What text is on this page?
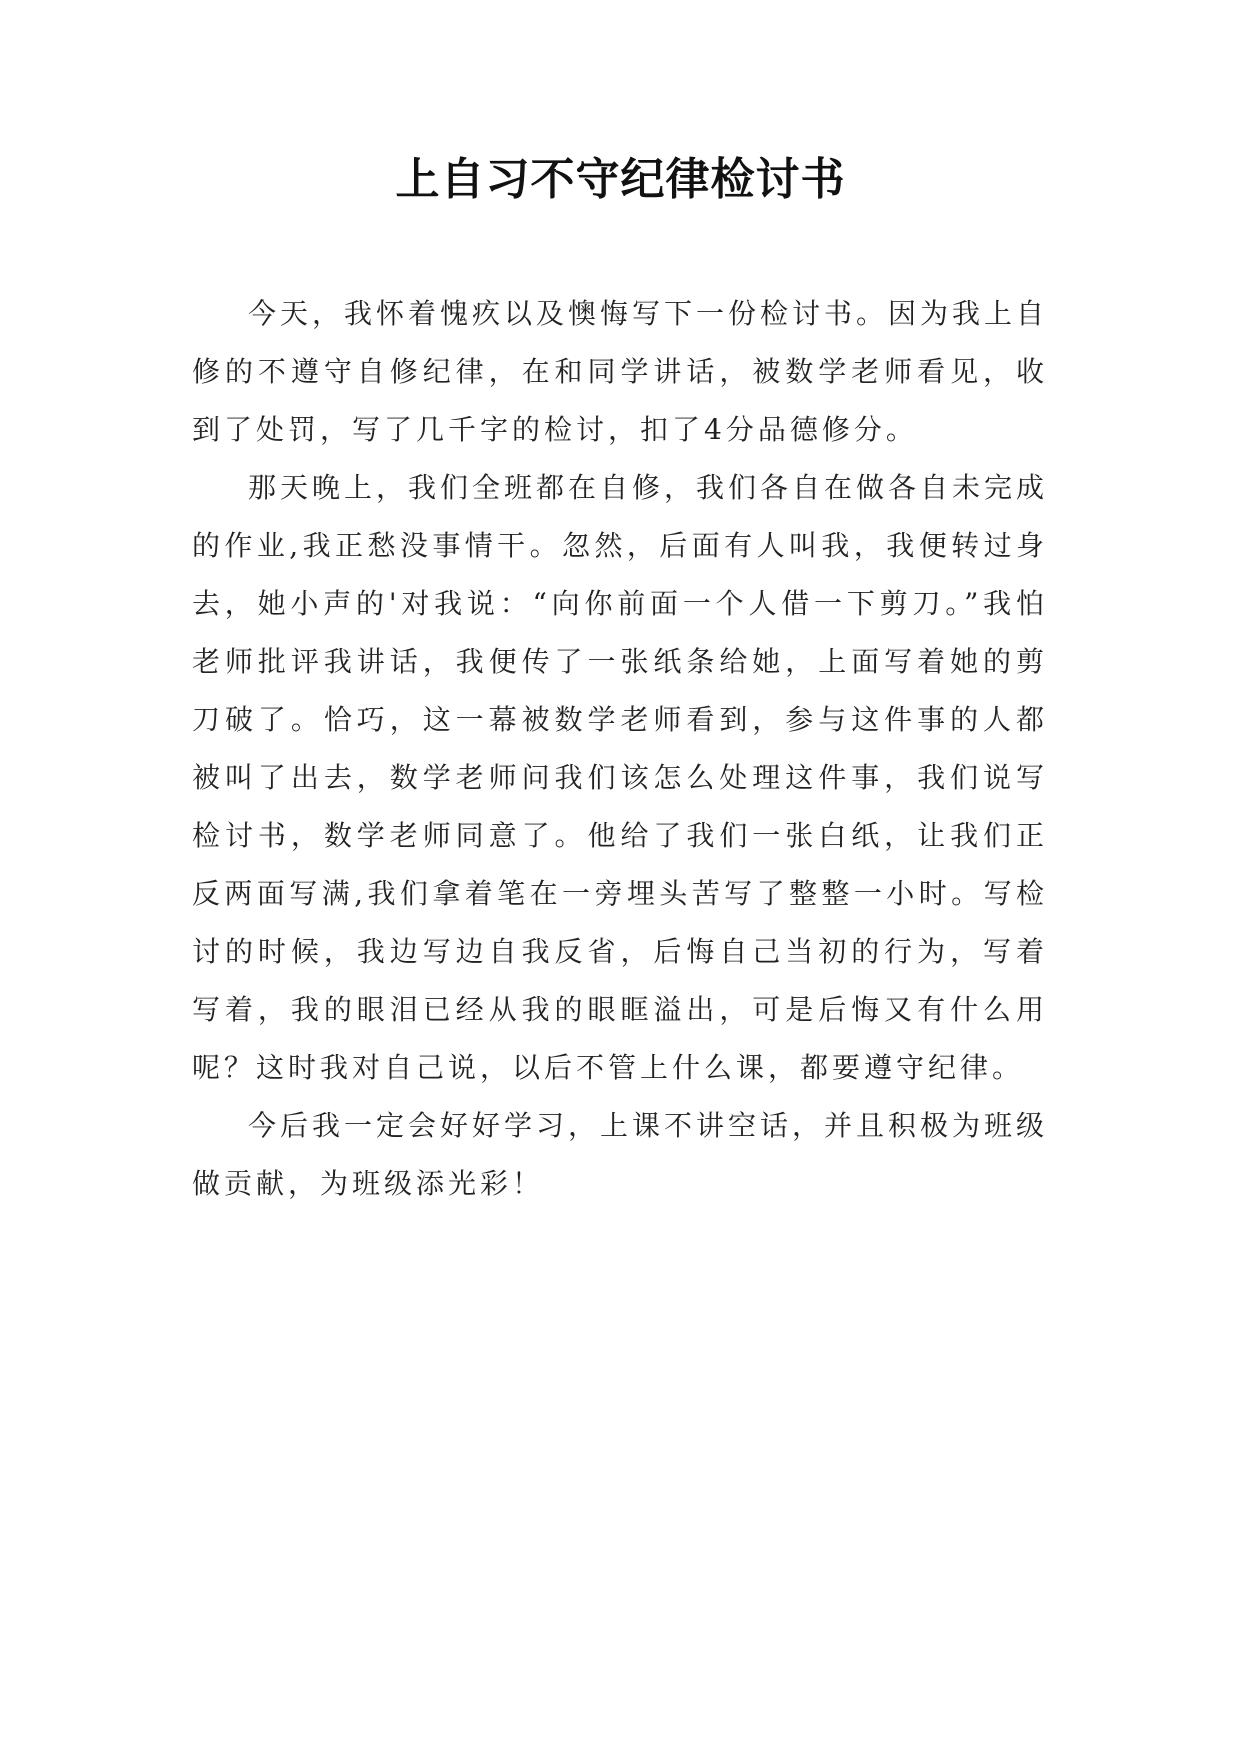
上自习不守纪律检讨书

今天，我怀着愧疚以及懊悔写下一份检讨书。因为我上自修的不遵守自修纪律，在和同学讲话，被数学老师看见，收到了处罚，写了几千字的检讨，扣了4分品德修分。

那天晚上，我们全班都在自修，我们各自在做各自未完成的作业,我正愁没事情干。忽然，后面有人叫我，我便转过身去，她小声的'对我说：“向你前面一个人借一下剪刀。”我怕老师批评我讲话，我便传了一张纸条给她，上面写着她的剪刀破了。恰巧，这一幕被数学老师看到，参与这件事的人都被叫了出去，数学老师问我们该怎么处理这件事，我们说写检讨书，数学老师同意了。他给了我们一张白纸，让我们正反两面写满,我们拿着笔在一旁埋头苦写了整整一小时。写检讨的时候，我边写边自我反省，后悔自己当初的行为，写着写着，我的眼泪已经从我的眼眶溢出，可是后悔又有什么用呢？这时我对自己说，以后不管上什么课，都要遵守纪律。

今后我一定会好好学习，上课不讲空话，并且积极为班级做贡献，为班级添光彩！
